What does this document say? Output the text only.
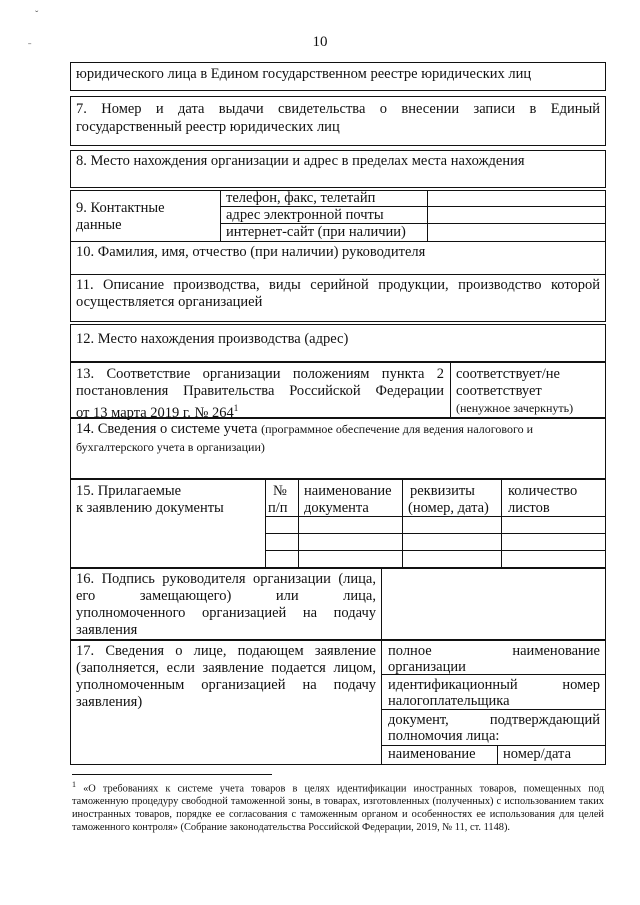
ˇ
ˉ	10
юридического лица в Едином государственном реестре юридических лиц
7. Номер и дата выдачи свидетельства о внесении записи в Единый
государственный реестр юридических лиц
8. Место нахождения организации и адрес в пределах места нахождения
9. Контактные
данные
телефон, факс, телетайп
адрес электронной почты
интернет-сайт (при наличии)
10. Фамилия, имя, отчество (при наличии) руководителя
11. Описание производства, виды серийной продукции, производство которой
осуществляется организацией
12. Место нахождения производства (адрес)
13. Соответствие организации положениям пункта 2
постановления Правительства Российской Федерации
от 13 марта 2019 г. № $264^1$
соответствует/не
соответствует
(ненужное зачеркнуть)
14. Сведения о системе учета (программное обеспечение для ведения налогового и
бухгалтерского учета в организации)
15. Прилагаемые
к заявлению документы
№
п/п
наименование
документа
реквизиты
(номер, дата)
количество
листов
16. Подпись руководителя организации (лица,
его замещающего) или лица,
уполномоченного организацией на подачу
заявления
17. Сведения о лице, подающем заявление
(заполняется, если заявление подается лицом,
уполномоченным организацией на подачу
заявления)
полное наименование
организации
идентификационный номер
налогоплательщика
документ, подтверждающий
полномочия лица:
наименование номер/дата
$^1$ «О требованиях к системе учета товаров в целях идентификации иностранных товаров, помещенных под таможенную процедуру свободной таможенной зоны, в товарах, изготовленных (полученных) с использованием таких иностранных товаров, порядке ее согласования с таможенным органом и особенностях ее использования для целей таможенного контроля» (Собрание законодательства Российской Федерации, 2019, № 11, ст. 1148).
